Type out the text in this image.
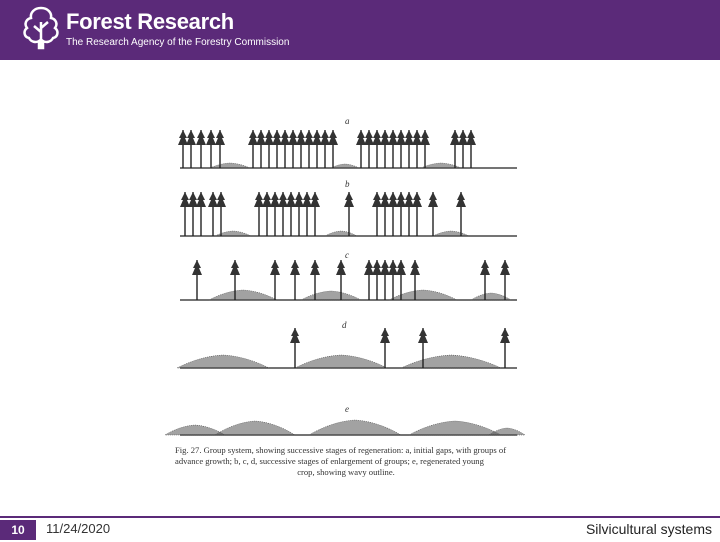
Forest Research
The Research Agency of the Forestry Commission
a
b
c
d
e
Fig. 27. Group system, showing successive stages of regeneration: a, initial gaps, with groups of advance growth; b, c, d, successive stages of enlargement of groups; e, regenerated young
crop, showing wavy outline.
10	11/24/2020	Silvicultural systems
